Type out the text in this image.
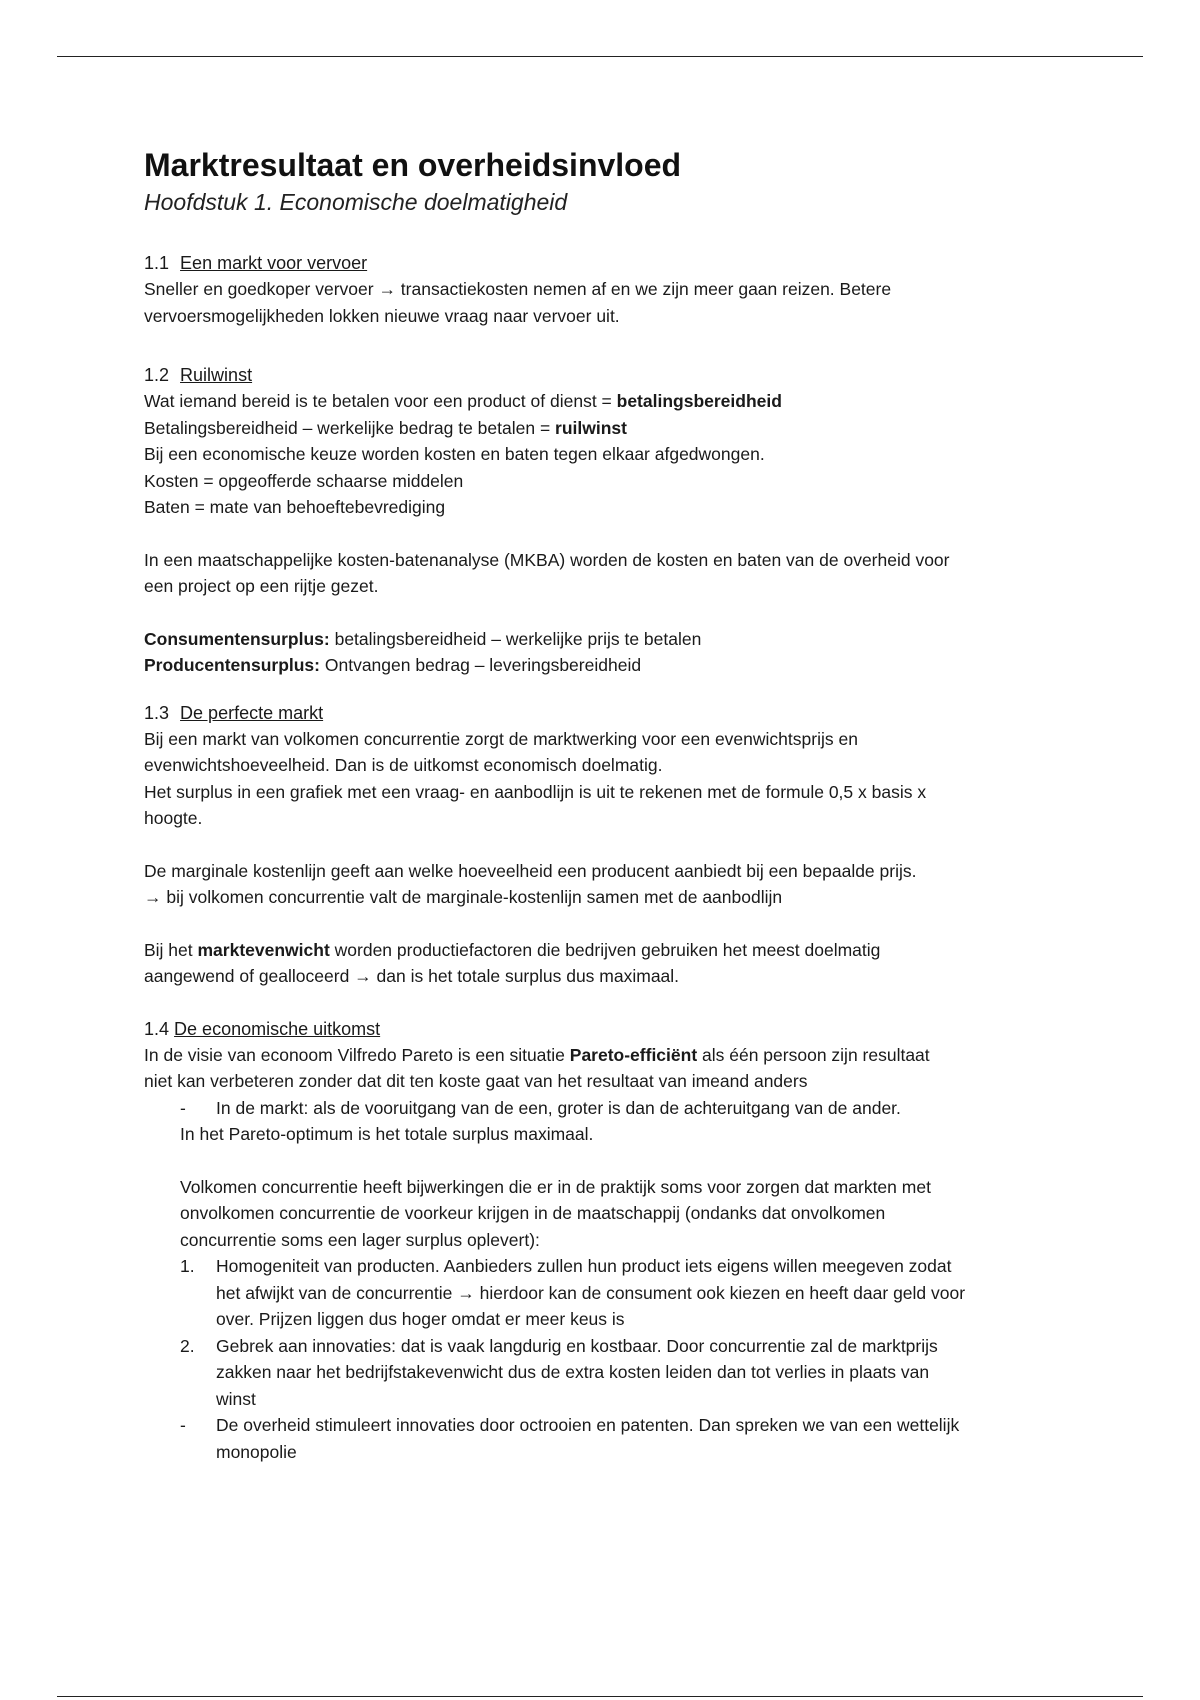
Marktresultaat en overheidsinvloed
Hoofdstuk 1. Economische doelmatigheid
1.1 Een markt voor vervoer
Sneller en goedkoper vervoer → transactiekosten nemen af en we zijn meer gaan reizen. Betere
vervoersmogelijkheden lokken nieuwe vraag naar vervoer uit.
1.2 Ruilwinst
Wat iemand bereid is te betalen voor een product of dienst = betalingsbereidheid
Betalingsbereidheid – werkelijke bedrag te betalen = ruilwinst
Bij een economische keuze worden kosten en baten tegen elkaar afgedwongen.
Kosten = opgeofferde schaarse middelen
Baten = mate van behoeftebevrediging
In een maatschappelijke kosten-batenanalyse (MKBA) worden de kosten en baten van de overheid voor
een project op een rijtje gezet.
Consumentensurplus: betalingsbereidheid – werkelijke prijs te betalen
Producentensurplus: Ontvangen bedrag – leveringsbereidheid
1.3 De perfecte markt
Bij een markt van volkomen concurrentie zorgt de marktwerking voor een evenwichtsprijs en
evenwichtshoeveelheid. Dan is de uitkomst economisch doelmatig.
Het surplus in een grafiek met een vraag- en aanbodlijn is uit te rekenen met de formule 0,5 x basis x
hoogte.
De marginale kostenlijn geeft aan welke hoeveelheid een producent aanbiedt bij een bepaalde prijs.
→ bij volkomen concurrentie valt de marginale-kostenlijn samen met de aanbodlijn
Bij het marktevenwicht worden productiefactoren die bedrijven gebruiken het meest doelmatig
aangewend of gealloceerd → dan is het totale surplus dus maximaal.
1.4 De economische uitkomst
In de visie van econoom Vilfredo Pareto is een situatie Pareto-efficiënt als één persoon zijn resultaat
niet kan verbeteren zonder dat dit ten koste gaat van het resultaat van imeand anders
- In de markt: als de vooruitgang van de een, groter is dan de achteruitgang van de ander.
In het Pareto-optimum is het totale surplus maximaal.
Volkomen concurrentie heeft bijwerkingen die er in de praktijk soms voor zorgen dat markten met
onvolkomen concurrentie de voorkeur krijgen in de maatschappij (ondanks dat onvolkomen
concurrentie soms een lager surplus oplevert):
1. Homogeniteit van producten. Aanbieders zullen hun product iets eigens willen meegeven zodat
het afwijkt van de concurrentie → hierdoor kan de consument ook kiezen en heeft daar geld voor
over. Prijzen liggen dus hoger omdat er meer keus is
2. Gebrek aan innovaties: dat is vaak langdurig en kostbaar. Door concurrentie zal de marktprijs
zakken naar het bedrijfstakevenwicht dus de extra kosten leiden dan tot verlies in plaats van
winst
- De overheid stimuleert innovaties door octrooien en patenten. Dan spreken we van een wettelijk
monopolie
